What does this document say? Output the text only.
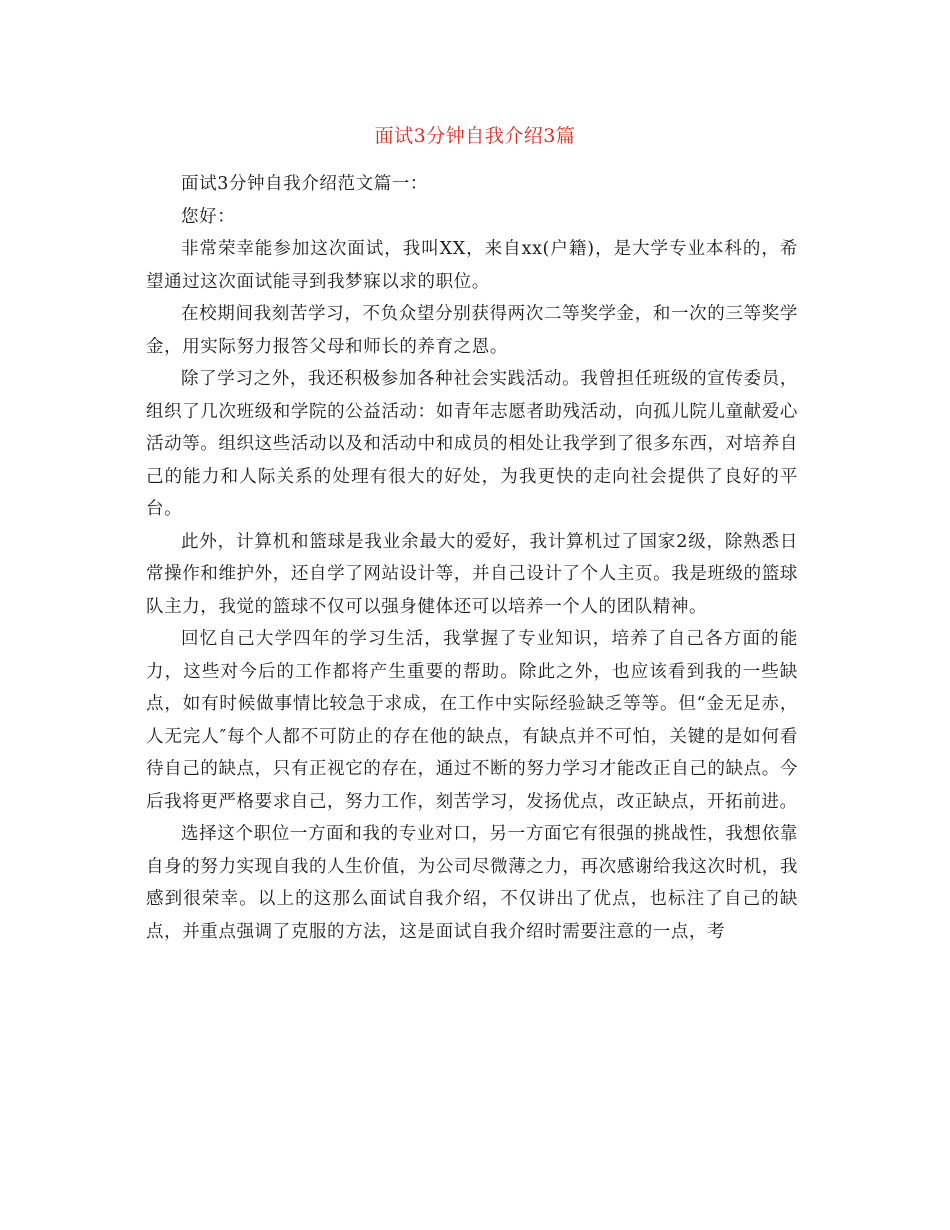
面试3分钟自我介绍3篇

面试3分钟自我介绍范文篇一：

您好：

非常荣幸能参加这次面试，我叫XX，来自xx(户籍)，是大学专业本科的，希望通过这次面试能寻到我梦寐以求的职位。

在校期间我刻苦学习，不负众望分别获得两次二等奖学金，和一次的三等奖学金，用实际努力报答父母和师长的养育之恩。

除了学习之外，我还积极参加各种社会实践活动。我曾担任班级的宣传委员，组织了几次班级和学院的公益活动：如青年志愿者助残活动，向孤儿院儿童献爱心活动等。组织这些活动以及和活动中和成员的相处让我学到了很多东西，对培养自己的能力和人际关系的处理有很大的好处，为我更快的走向社会提供了良好的平台。

此外，计算机和篮球是我业余最大的爱好，我计算机过了国家2级，除熟悉日常操作和维护外，还自学了网站设计等，并自己设计了个人主页。我是班级的篮球队主力，我觉的篮球不仅可以强身健体还可以培养一个人的团队精神。

回忆自己大学四年的学习生活，我掌握了专业知识，培养了自己各方面的能力，这些对今后的工作都将产生重要的帮助。除此之外，也应该看到我的一些缺点，如有时候做事情比较急于求成，在工作中实际经验缺乏等等。但“金无足赤，人无完人″每个人都不可防止的存在他的缺点，有缺点并不可怕，关键的是如何看待自己的缺点，只有正视它的存在，通过不断的努力学习才能改正自己的缺点。今后我将更严格要求自己，努力工作，刻苦学习，发扬优点，改正缺点，开拓前进。

选择这个职位一方面和我的专业对口，另一方面它有很强的挑战性，我想依靠自身的努力实现自我的人生价值，为公司尽微薄之力，再次感谢给我这次时机，我感到很荣幸。以上的这那么面试自我介绍，不仅讲出了优点，也标注了自己的缺点，并重点强调了克服的方法，这是面试自我介绍时需要注意的一点，考
